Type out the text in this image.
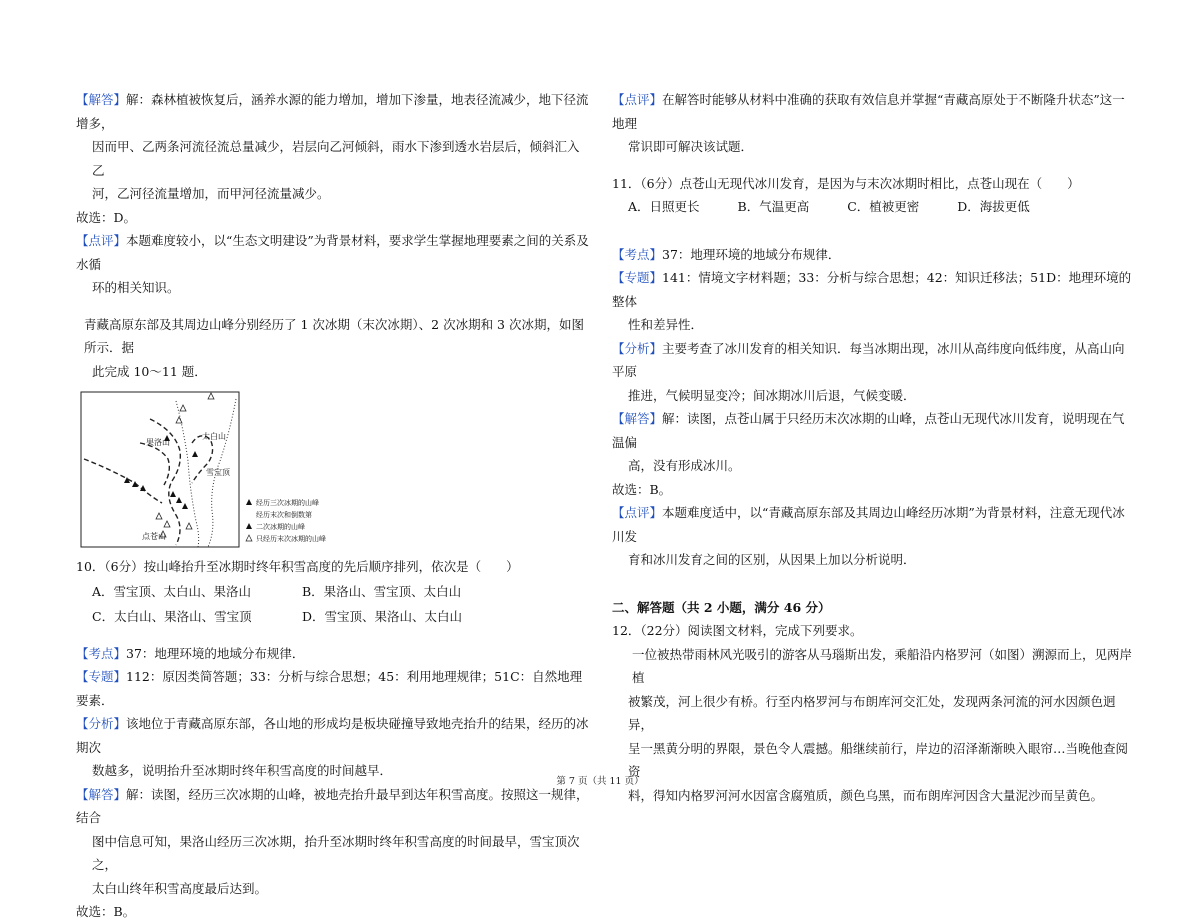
【解答】解：森林植被恢复后，涵养水源的能力增加，增加下渗量，地表径流减少，地下径流增多，

因而甲、乙两条河流径流总量减少，岩层向乙河倾斜，雨水下渗到透水岩层后，倾斜汇入乙

河，乙河径流量增加，而甲河径流量减少。

故选：D。

【点评】本题难度较小，以“生态文明建设”为背景材料，要求学生掌握地理要素之间的关系及水循

环的相关知识。

青藏高原东部及其周边山峰分别经历了 1 次冰期（末次冰期）、2 次冰期和 3 次冰期，如图所示．据

此完成 10～11 题．

果洛山
太白山
雪宝顶
点苍山
经历三次冰期的山峰
经历末次和倒数第
二次冰期的山峰
只经历末次冰期的山峰

10．（6分）按山峰抬升至冰期时终年积雪高度的先后顺序排列，依次是（　　）

A．雪宝顶、太白山、果洛山	B．果洛山、雪宝顶、太白山
C．太白山、果洛山、雪宝顶	D．雪宝顶、果洛山、太白山

【考点】37：地理环境的地域分布规律．

【专题】112：原因类简答题；33：分析与综合思想；45：利用地理规律；51C：自然地理要素．

【分析】该地位于青藏高原东部，各山地的形成均是板块碰撞导致地壳抬升的结果，经历的冰期次

数越多，说明抬升至冰期时终年积雪高度的时间越早．

【解答】解：读图，经历三次冰期的山峰，被地壳抬升最早到达年积雪高度。按照这一规律，结合

图中信息可知，果洛山经历三次冰期，抬升至冰期时终年积雪高度的时间最早，雪宝顶次之，

太白山终年积雪高度最后达到。

故选：B。

【点评】在解答时能够从材料中准确的获取有效信息并掌握“青藏高原处于不断隆升状态”这一地理

常识即可解决该试题．

11．（6分）点苍山无现代冰川发育，是因为与末次冰期时相比，点苍山现在（　　）

A．日照更长	B．气温更高	C．植被更密	D．海拔更低

【考点】37：地理环境的地域分布规律．

【专题】141：情境文字材料题；33：分析与综合思想；42：知识迁移法；51D：地理环境的整体

性和差异性．

【分析】主要考查了冰川发育的相关知识．每当冰期出现，冰川从高纬度向低纬度，从高山向平原

推进，气候明显变冷；间冰期冰川后退，气候变暖．

【解答】解：读图，点苍山属于只经历末次冰期的山峰，点苍山无现代冰川发育，说明现在气温偏

高，没有形成冰川。

故选：B。

【点评】本题难度适中，以“青藏高原东部及其周边山峰经历冰期”为背景材料，注意无现代冰川发

育和冰川发育之间的区别，从因果上加以分析说明．

二、解答题（共 2 小题，满分 46 分）

12．（22分）阅读图文材料，完成下列要求。

一位被热带雨林风光吸引的游客从马瑙斯出发，乘船沿内格罗河（如图）溯源而上，见两岸植

被繁茂，河上很少有桥。行至内格罗河与布朗库河交汇处，发现两条河流的河水因颜色迥异，

呈一黑黄分明的界限，景色令人震撼。船继续前行，岸边的沼泽渐渐映入眼帘…当晚他查阅资

料，得知内格罗河河水因富含腐殖质，颜色乌黑，而布朗库河因含大量泥沙而呈黄色。

第 7 页（共 11 页）
